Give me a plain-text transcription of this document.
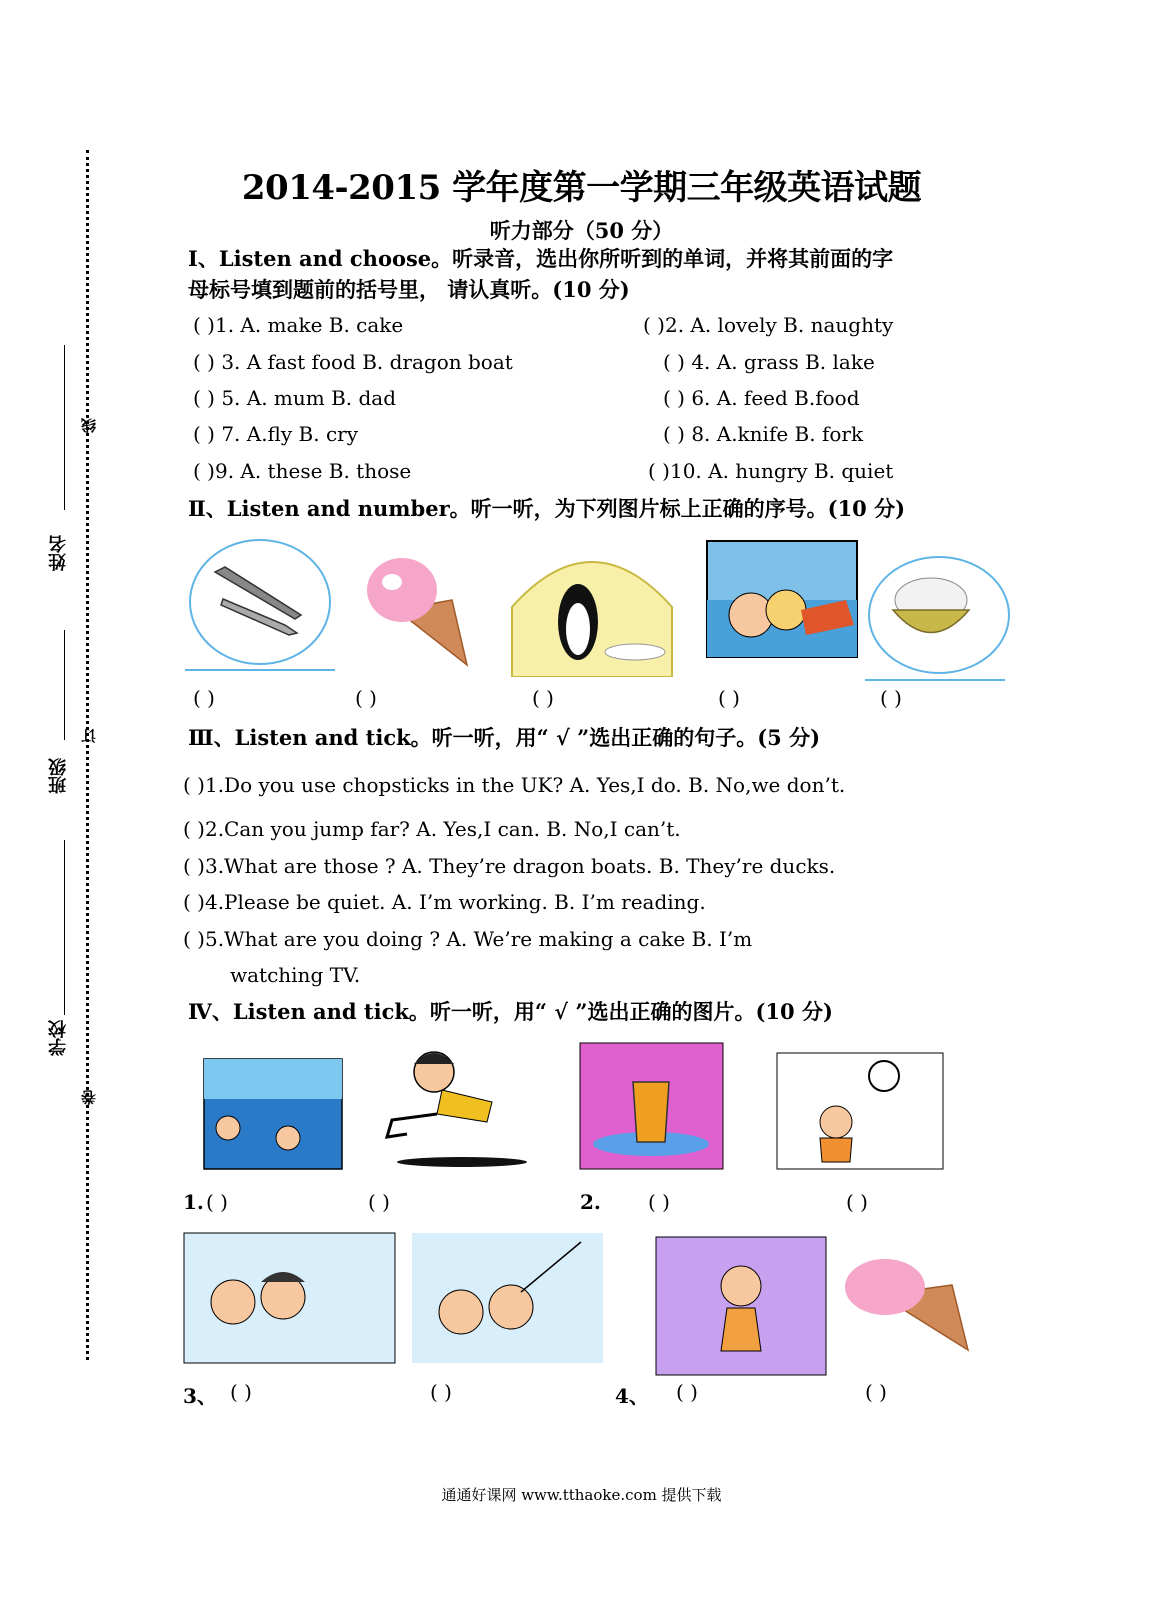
线
订
卷
姓名
班级
学校
2014-2015 学年度第一学期三年级英语试题
听力部分（50 分）
Ⅰ、Listen and choose。听录音，选出你所听到的单词，并将其前面的字
母标号填到题前的括号里， 请认真听。(10 分)
( )1. A. make B. cake	( )2. A. lovely B. naughty
( ) 3. A fast food B. dragon boat	( ) 4. A. grass B. lake
( ) 5. A. mum B. dad	( ) 6. A. feed B.food
( ) 7. A.fly B. cry	( ) 8. A.knife B. fork
( )9. A. these B. those	( )10. A. hungry B. quiet
Ⅱ、Listen and number。听一听，为下列图片标上正确的序号。(10 分)
( )	( )	( )	( )	( )
Ⅲ、Listen and tick。听一听，用“ √ ”选出正确的句子。(5 分)
( )1.Do you use chopsticks in the UK? A. Yes,I do. B. No,we don’t.
( )2.Can you jump far? A. Yes,I can. B. No,I can’t.
( )3.What are those ? A. They’re dragon boats. B. They’re ducks.
( )4.Please be quiet. A. I’m working. B. I’m reading.
( )5.What are you doing ? A. We’re making a cake B. I’m
watching TV.
Ⅳ、Listen and tick。听一听，用“ √ ”选出正确的图片。(10 分)
1. ( )	( )	2. ( )	( )
3、 ( )	( )	4、 ( )	( )
通通好课网 www.tthaoke.com 提供下载
